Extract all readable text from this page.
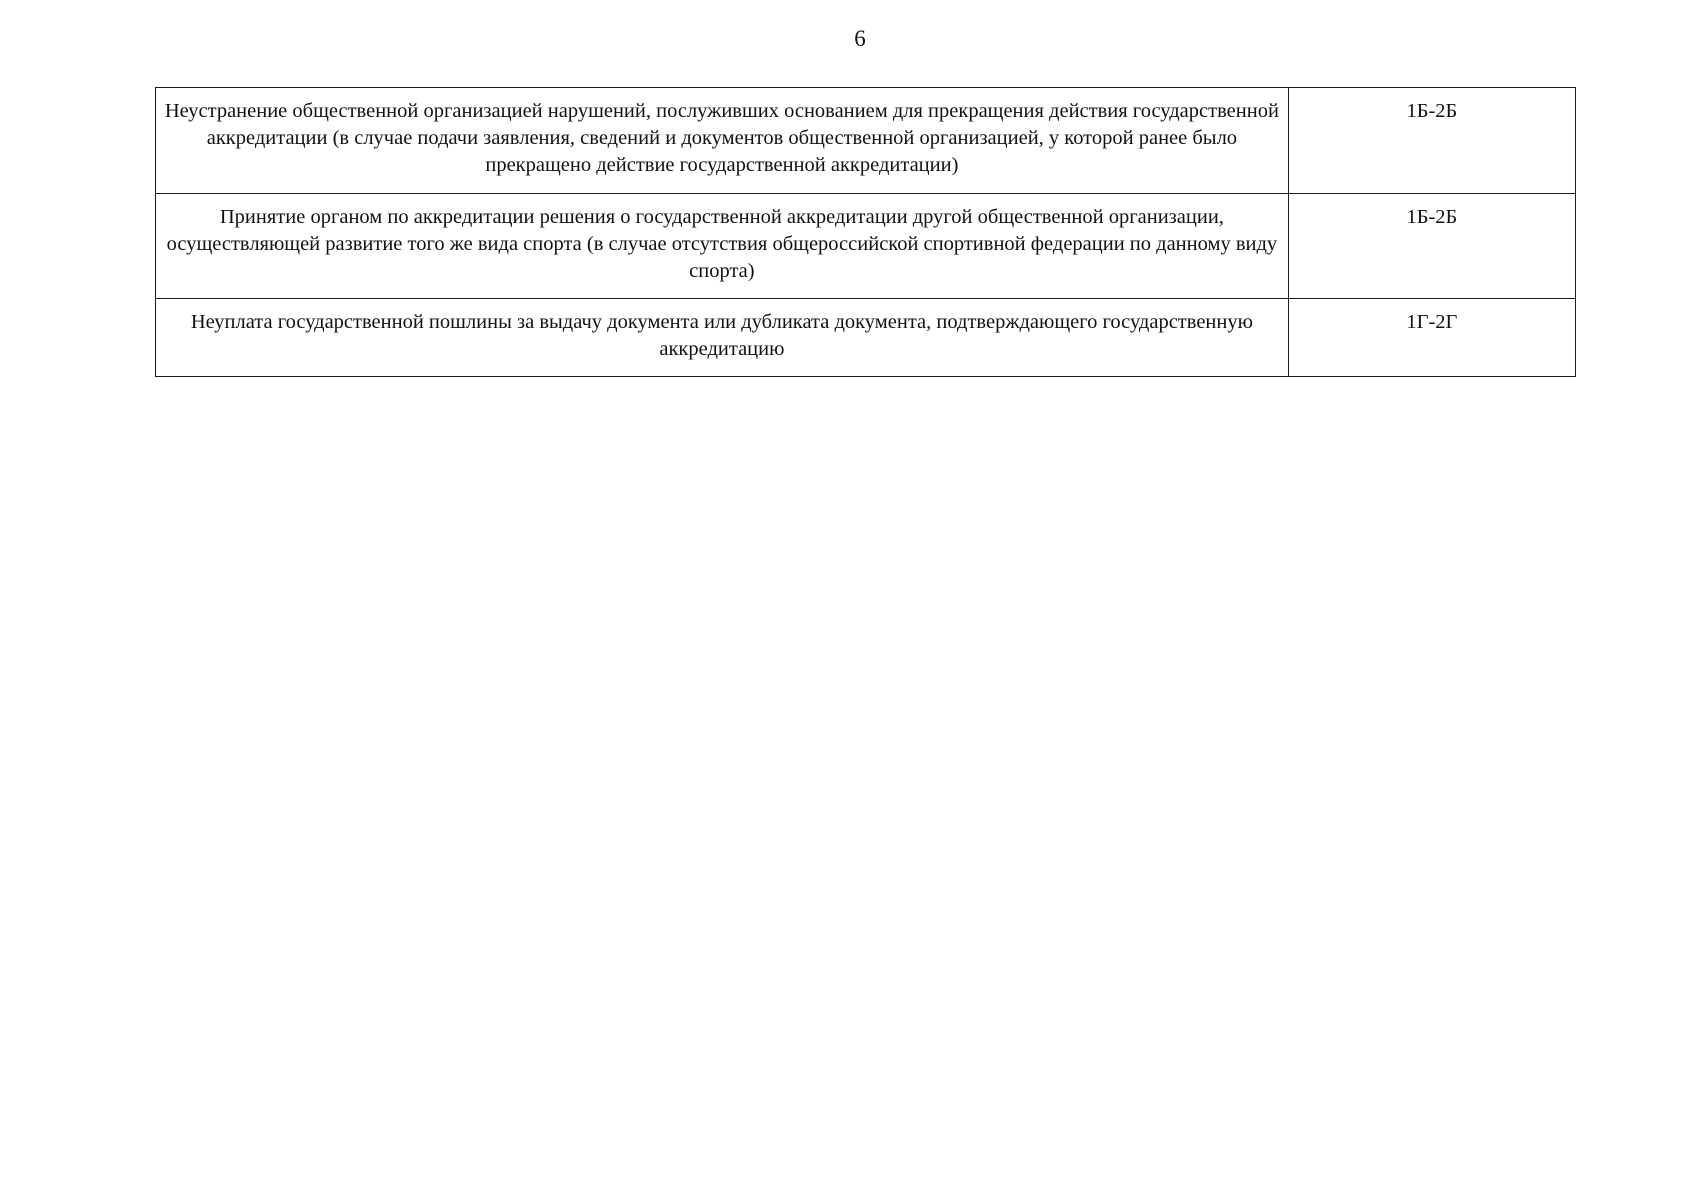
6
Неустранение общественной организацией нарушений, послуживших основанием для прекращения действия государственной аккредитации (в случае подачи заявления, сведений и документов общественной организацией, у которой ранее было прекращено действие государственной аккредитации)	1Б-2Б
Принятие органом по аккредитации решения о государственной аккредитации другой общественной организации, осуществляющей развитие того же вида спорта (в случае отсутствия общероссийской спортивной федерации по данному виду спорта)	1Б-2Б
Неуплата государственной пошлины за выдачу документа или дубликата документа, подтверждающего государственную аккредитацию	1Г-2Г
